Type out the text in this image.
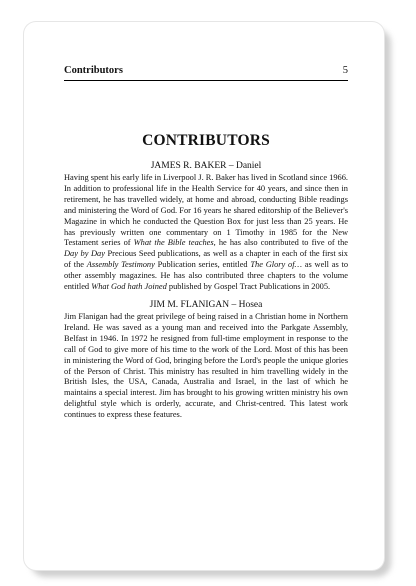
Contributors	5
CONTRIBUTORS
JAMES R. BAKER – Daniel
Having spent his early life in Liverpool J. R. Baker has lived in Scotland since 1966. In addition to professional life in the Health Service for 40 years, and since then in retirement, he has travelled widely, at home and abroad, conducting Bible readings and ministering the Word of God. For 16 years he shared editorship of the Believer's Magazine in which he conducted the Question Box for just less than 25 years. He has previously written one commentary on 1 Timothy in 1985 for the New Testament series of What the Bible teaches, he has also contributed to five of the Day by Day Precious Seed publications, as well as a chapter in each of the first six of the Assembly Testimony Publication series, entitled The Glory of… as well as to other assembly magazines. He has also contributed three chapters to the volume entitled What God hath Joined published by Gospel Tract Publications in 2005.
JIM M. FLANIGAN – Hosea
Jim Flanigan had the great privilege of being raised in a Christian home in Northern Ireland. He was saved as a young man and received into the Parkgate Assembly, Belfast in 1946. In 1972 he resigned from full-time employment in response to the call of God to give more of his time to the work of the Lord. Most of this has been in ministering the Word of God, bringing before the Lord's people the unique glories of the Person of Christ. This ministry has resulted in him travelling widely in the British Isles, the USA, Canada, Australia and Israel, in the last of which he maintains a special interest. Jim has brought to his growing written ministry his own delightful style which is orderly, accurate, and Christ-centred. This latest work continues to express these features.
